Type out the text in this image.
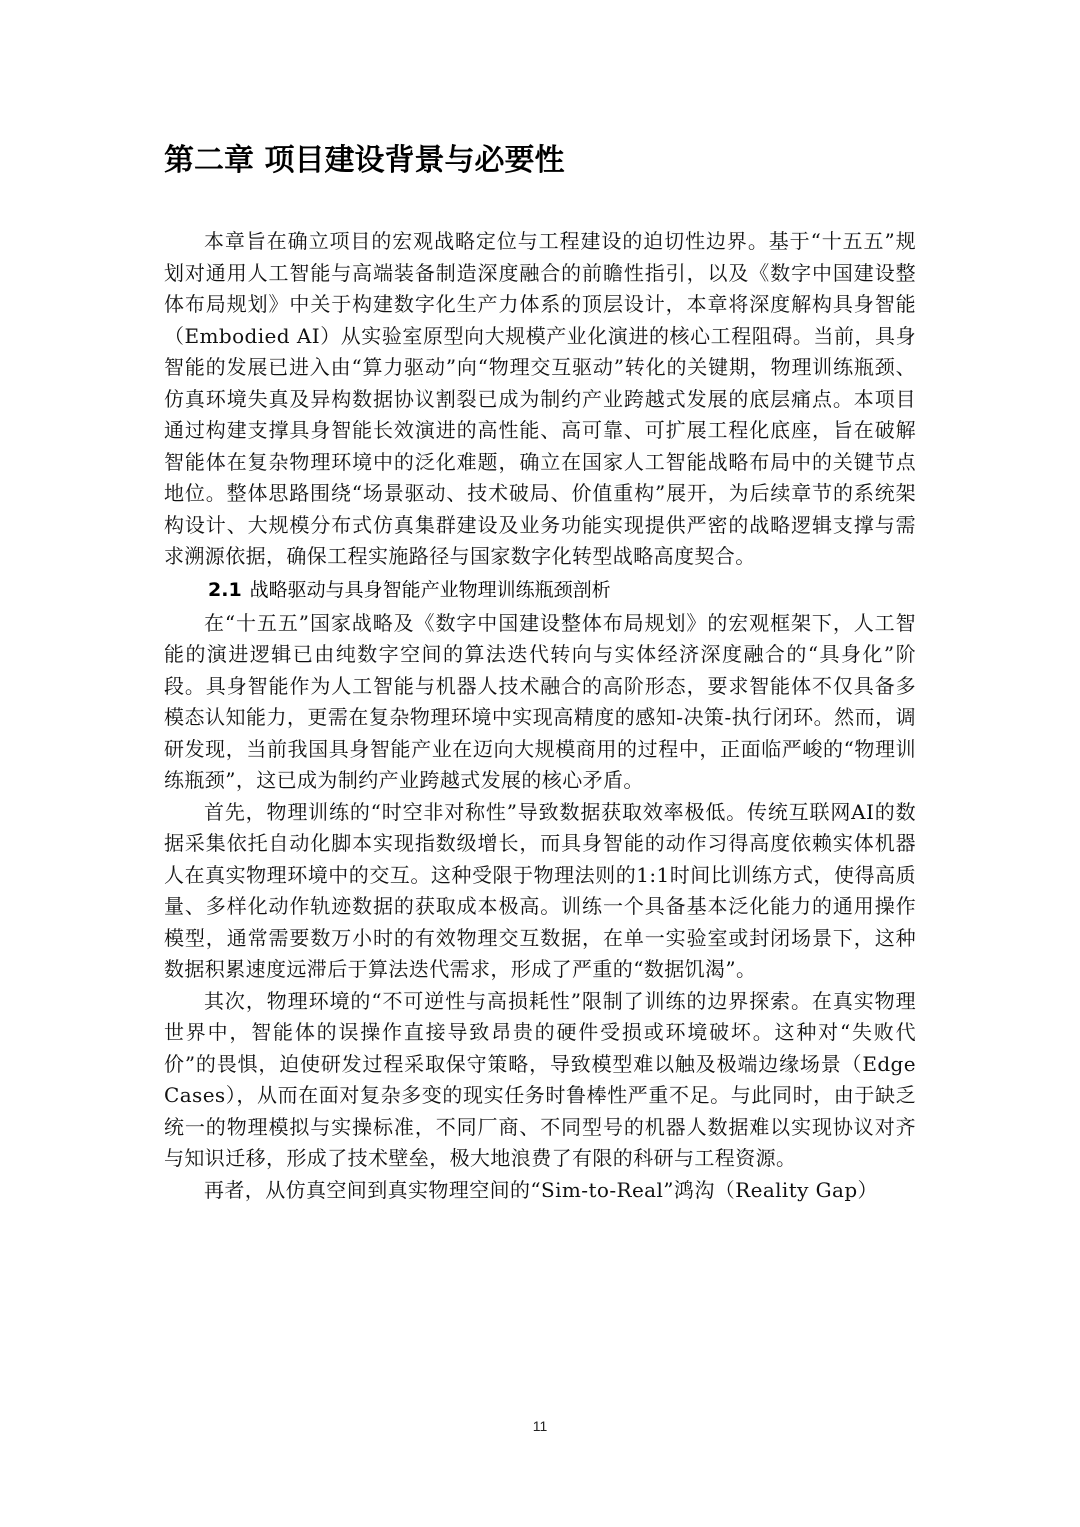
第二章 项目建设背景与必要性

本章旨在确立项目的宏观战略定位与工程建设的迫切性边界。基于“十五五”规划对通用人工智能与高端装备制造深度融合的前瞻性指引，以及《数字中国建设整体布局规划》中关于构建数字化生产力体系的顶层设计，本章将深度解构具身智能（Embodied AI）从实验室原型向大规模产业化演进的核心工程阻碍。当前，具身智能的发展已进入由“算力驱动”向“物理交互驱动”转化的关键期，物理训练瓶颈、仿真环境失真及异构数据协议割裂已成为制约产业跨越式发展的底层痛点。本项目通过构建支撑具身智能长效演进的高性能、高可靠、可扩展工程化底座，旨在破解智能体在复杂物理环境中的泛化难题，确立在国家人工智能战略布局中的关键节点地位。整体思路围绕“场景驱动、技术破局、价值重构”展开，为后续章节的系统架构设计、大规模分布式仿真集群建设及业务功能实现提供严密的战略逻辑支撑与需求溯源依据，确保工程实施路径与国家数字化转型战略高度契合。

2.1 战略驱动与具身智能产业物理训练瓶颈剖析

在“十五五”国家战略及《数字中国建设整体布局规划》的宏观框架下，人工智能的演进逻辑已由纯数字空间的算法迭代转向与实体经济深度融合的“具身化”阶段。具身智能作为人工智能与机器人技术融合的高阶形态，要求智能体不仅具备多模态认知能力，更需在复杂物理环境中实现高精度的感知-决策-执行闭环。然而，调研发现，当前我国具身智能产业在迈向大规模商用的过程中，正面临严峻的“物理训练瓶颈”，这已成为制约产业跨越式发展的核心矛盾。

首先，物理训练的“时空非对称性”导致数据获取效率极低。传统互联网AI的数据采集依托自动化脚本实现指数级增长，而具身智能的动作习得高度依赖实体机器人在真实物理环境中的交互。这种受限于物理法则的1:1时间比训练方式，使得高质量、多样化动作轨迹数据的获取成本极高。训练一个具备基本泛化能力的通用操作模型，通常需要数万小时的有效物理交互数据，在单一实验室或封闭场景下，这种数据积累速度远滞后于算法迭代需求，形成了严重的“数据饥渴”。

其次，物理环境的“不可逆性与高损耗性”限制了训练的边界探索。在真实物理世界中，智能体的误操作直接导致昂贵的硬件受损或环境破坏。这种对“失败代价”的畏惧，迫使研发过程采取保守策略，导致模型难以触及极端边缘场景（Edge Cases），从而在面对复杂多变的现实任务时鲁棒性严重不足。与此同时，由于缺乏统一的物理模拟与实操标准，不同厂商、不同型号的机器人数据难以实现协议对齐与知识迁移，形成了技术壁垒，极大地浪费了有限的科研与工程资源。

再者，从仿真空间到真实物理空间的“Sim-to-Real”鸿沟（Reality Gap）

11
